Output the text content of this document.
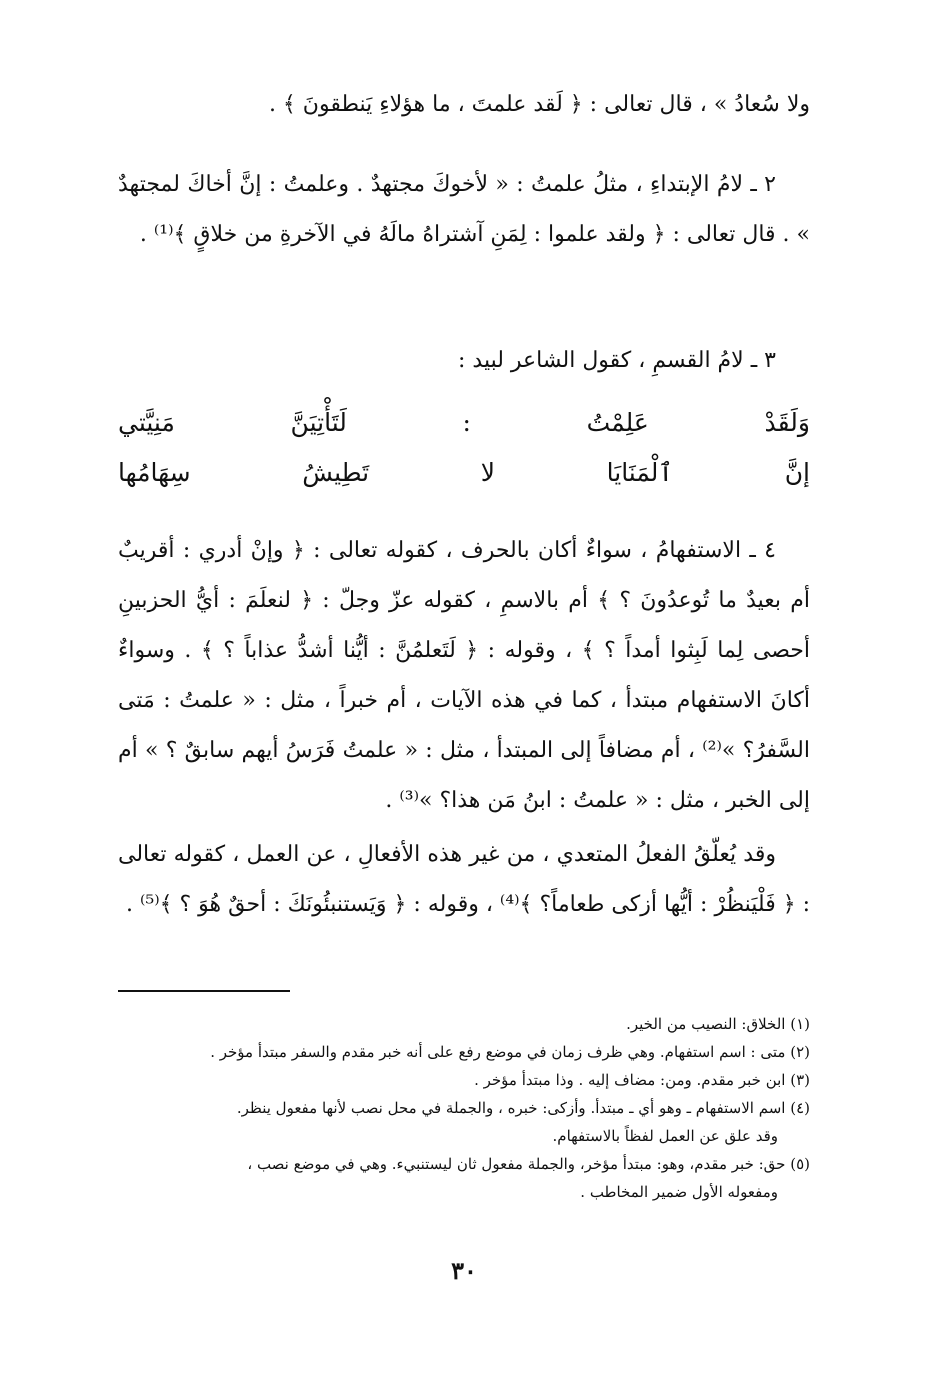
ولا سُعادُ » ، قال تعالى : ﴿ لَقد علمتَ ، ما هؤلاءِ يَنطقونَ ﴾ .

٢ ـ لامُ الإبتداءِ ، مثلُ علمتُ : « لأخوكَ مجتهدٌ . وعلمتُ : إنَّ أخاكَ لمجتهدٌ » . قال تعالى : ﴿ ولقد علموا : لِمَنِ آشتراهُ مالَهُ في الآخرةِ من خلاقٍ ﴾⁽¹⁾ .

٣ ـ لامُ القسمِ ، كقول الشاعر لبيد :

وَلَقَدْ عَلِمْتُ : لَتَأْتِيَنَّ مَنِيَّتي

إنَّ ٱلْمَنَايَا لا تَطِيشُ سِهَامُها

٤ ـ الاستفهامُ ، سواءٌ أكان بالحرف ، كقوله تعالى : ﴿ وإنْ أدري : أقريبٌ أم بعيدٌ ما تُوعدُونَ ؟ ﴾ أم بالاسمِ ، كقوله عزّ وجلّ : ﴿ لنعلَمَ : أيُّ الحزبينِ أحصى لِما لَبِثوا أمداً ؟ ﴾ ، وقوله : ﴿ لَتَعلمُنَّ : أيُّنا أشدُّ عذاباً ؟ ﴾ . وسواءٌ أكانَ الاستفهام مبتدأ ، كما في هذه الآيات ، أم خبراً ، مثل : « علمتُ : مَتى السَّفرُ؟ »⁽²⁾ ، أم مضافاً إلى المبتدأ ، مثل : « علمتُ فَرَسُ أيهم سابقٌ ؟ » أم إلى الخبر ، مثل : « علمتُ : ابنُ مَن هذا؟ »⁽³⁾ .

وقد يُعلّقُ الفعلُ المتعدي ، من غير هذه الأفعالِ ، عن العمل ، كقوله تعالى : ﴿ فَلْيَنظُرْ : أيُّها أزكى طعاماً؟ ﴾⁽⁴⁾ ، وقوله : ﴿ وَيَستنبئُونَكَ : أحقٌ هُوَ ؟ ﴾⁽⁵⁾ .

(١) الخلاق: النصيب من الخير.

(٢) متى : اسم استفهام. وهي ظرف زمان في موضع رفع على أنه خبر مقدم والسفر مبتدأ مؤخر .

(٣) ابن خبر مقدم. ومن: مضاف إليه . وذا مبتدأ مؤخر .

(٤) اسم الاستفهام ـ وهو أي ـ مبتدأ. وأزكى: خبره ، والجملة في محل نصب لأنها مفعول ينظر.
وقد علق عن العمل لفظاً بالاستفهام.

(٥) حق: خبر مقدم، وهو: مبتدأ مؤخر، والجملة مفعول ثان ليستنبيء. وهي في موضع نصب ،
ومفعوله الأول ضمير المخاطب .

٣٠
